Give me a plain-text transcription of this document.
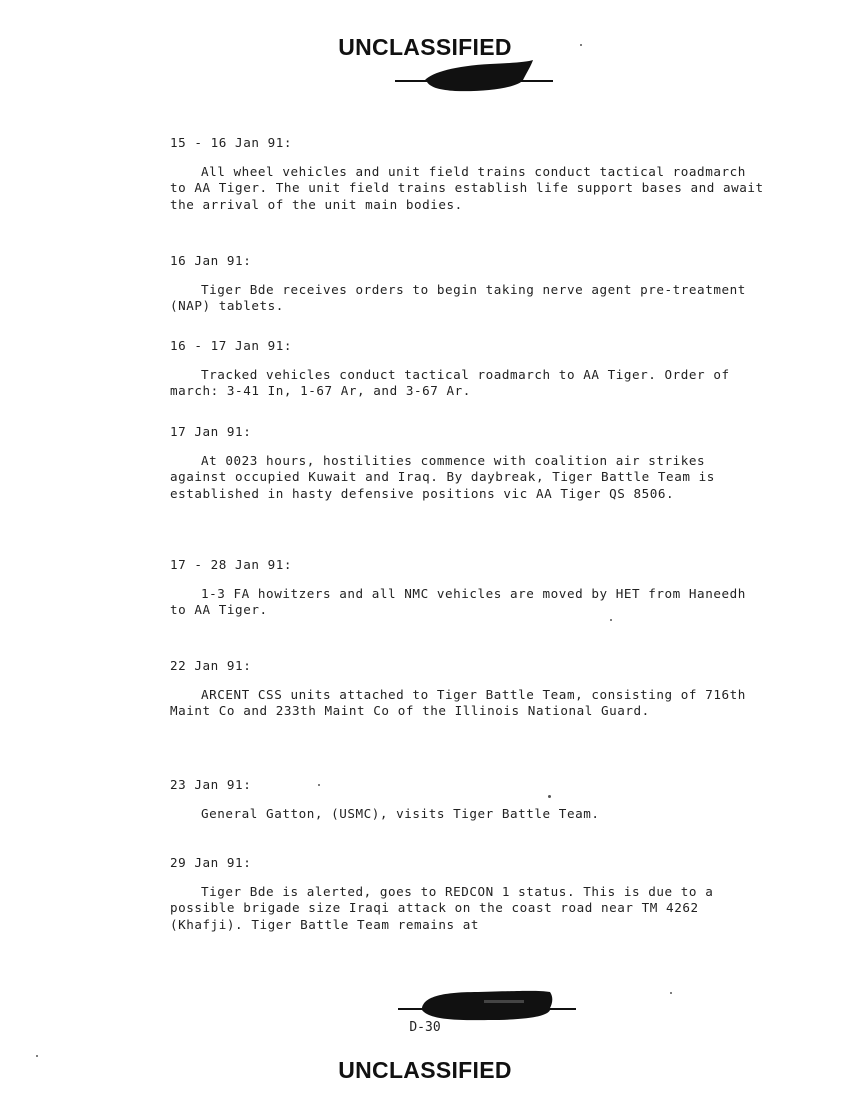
UNCLASSIFIED
15 - 16 Jan 91:
All wheel vehicles and unit field trains conduct tactical roadmarch to AA Tiger. The unit field trains establish life support bases and await the arrival of the unit main bodies.
16 Jan 91:
Tiger Bde receives orders to begin taking nerve agent pre-treatment (NAP) tablets.
16 - 17 Jan 91:
Tracked vehicles conduct tactical roadmarch to AA Tiger. Order of march: 3-41 In, 1-67 Ar, and 3-67 Ar.
17 Jan 91:
At 0023 hours, hostilities commence with coalition air strikes against occupied Kuwait and Iraq. By daybreak, Tiger Battle Team is established in hasty defensive positions vic AA Tiger QS 8506.
17 - 28 Jan 91:
1-3 FA howitzers and all NMC vehicles are moved by HET from Haneedh to AA Tiger.
22 Jan 91:
ARCENT CSS units attached to Tiger Battle Team, consisting of 716th Maint Co and 233th Maint Co of the Illinois National Guard.
23 Jan 91:
General Gatton, (USMC), visits Tiger Battle Team.
29 Jan 91:
Tiger Bde is alerted, goes to REDCON 1 status. This is due to a possible brigade size Iraqi attack on the coast road near TM 4262 (Khafji). Tiger Battle Team remains at
D-30
UNCLASSIFIED
